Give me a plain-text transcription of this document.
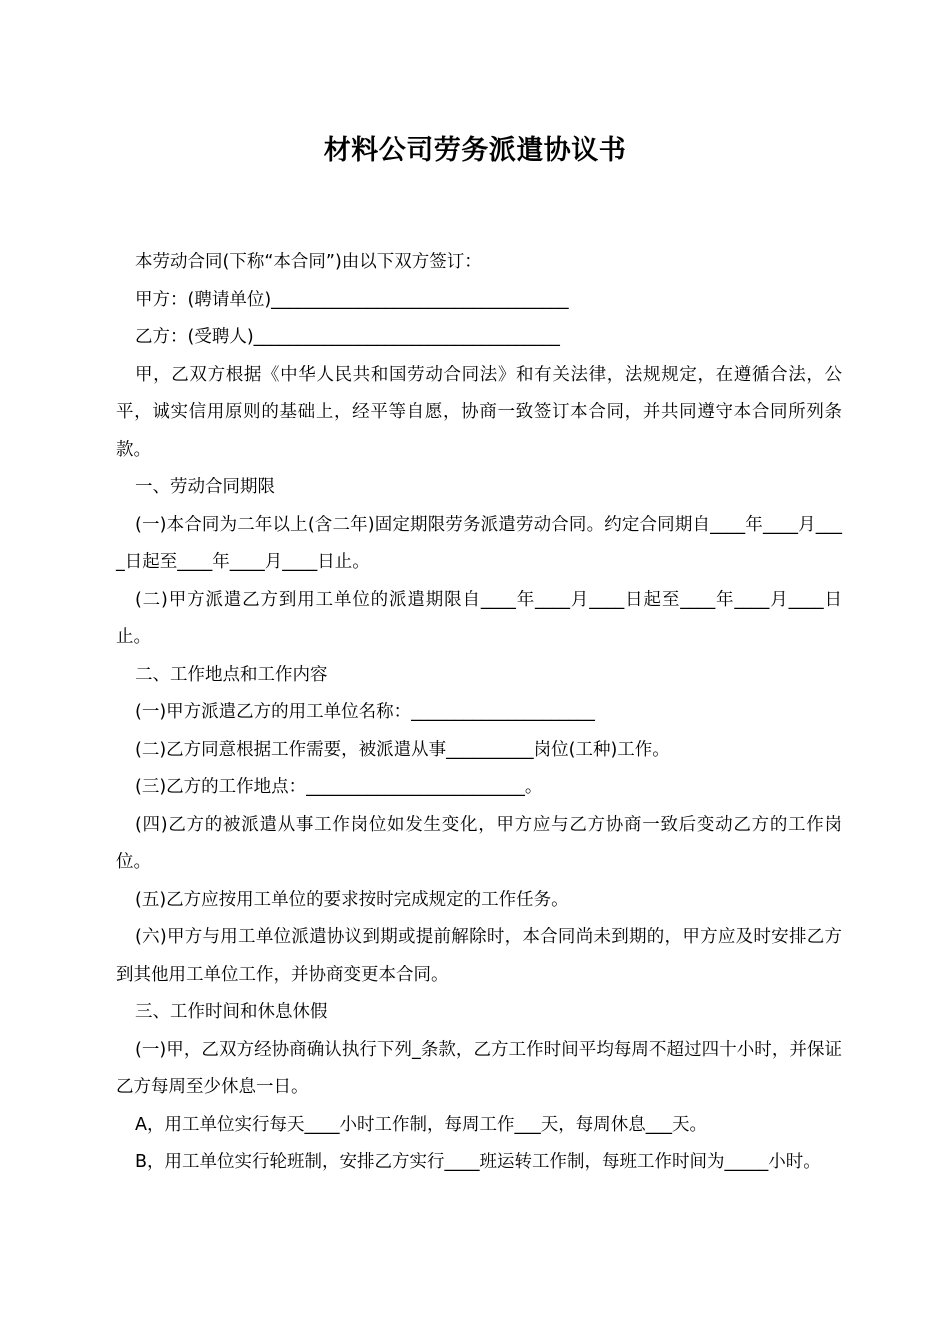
材料公司劳务派遣协议书

本劳动合同(下称“本合同”)由以下双方签订：

甲方：(聘请单位)__________________________________

乙方：(受聘人)___________________________________

甲，乙双方根据《中华人民共和国劳动合同法》和有关法律，法规规定，在遵循合法，公平，诚实信用原则的基础上，经平等自愿，协商一致签订本合同，并共同遵守本合同所列条款。

一、劳动合同期限

(一)本合同为二年以上(含二年)固定期限劳务派遣劳动合同。约定合同期自____年____月____日起至____年____月____日止。

(二)甲方派遣乙方到用工单位的派遣期限自____年____月____日起至____年____月____日止。

二、工作地点和工作内容

(一)甲方派遣乙方的用工单位名称：_____________________

(二)乙方同意根据工作需要，被派遣从事__________岗位(工种)工作。

(三)乙方的工作地点：_________________________。

(四)乙方的被派遣从事工作岗位如发生变化，甲方应与乙方协商一致后变动乙方的工作岗位。

(五)乙方应按用工单位的要求按时完成规定的工作任务。

(六)甲方与用工单位派遣协议到期或提前解除时，本合同尚未到期的，甲方应及时安排乙方到其他用工单位工作，并协商变更本合同。

三、工作时间和休息休假

(一)甲，乙双方经协商确认执行下列_条款，乙方工作时间平均每周不超过四十小时，并保证乙方每周至少休息一日。

A，用工单位实行每天____小时工作制，每周工作___天，每周休息___天。

B，用工单位实行轮班制，安排乙方实行____班运转工作制，每班工作时间为_____小时。
